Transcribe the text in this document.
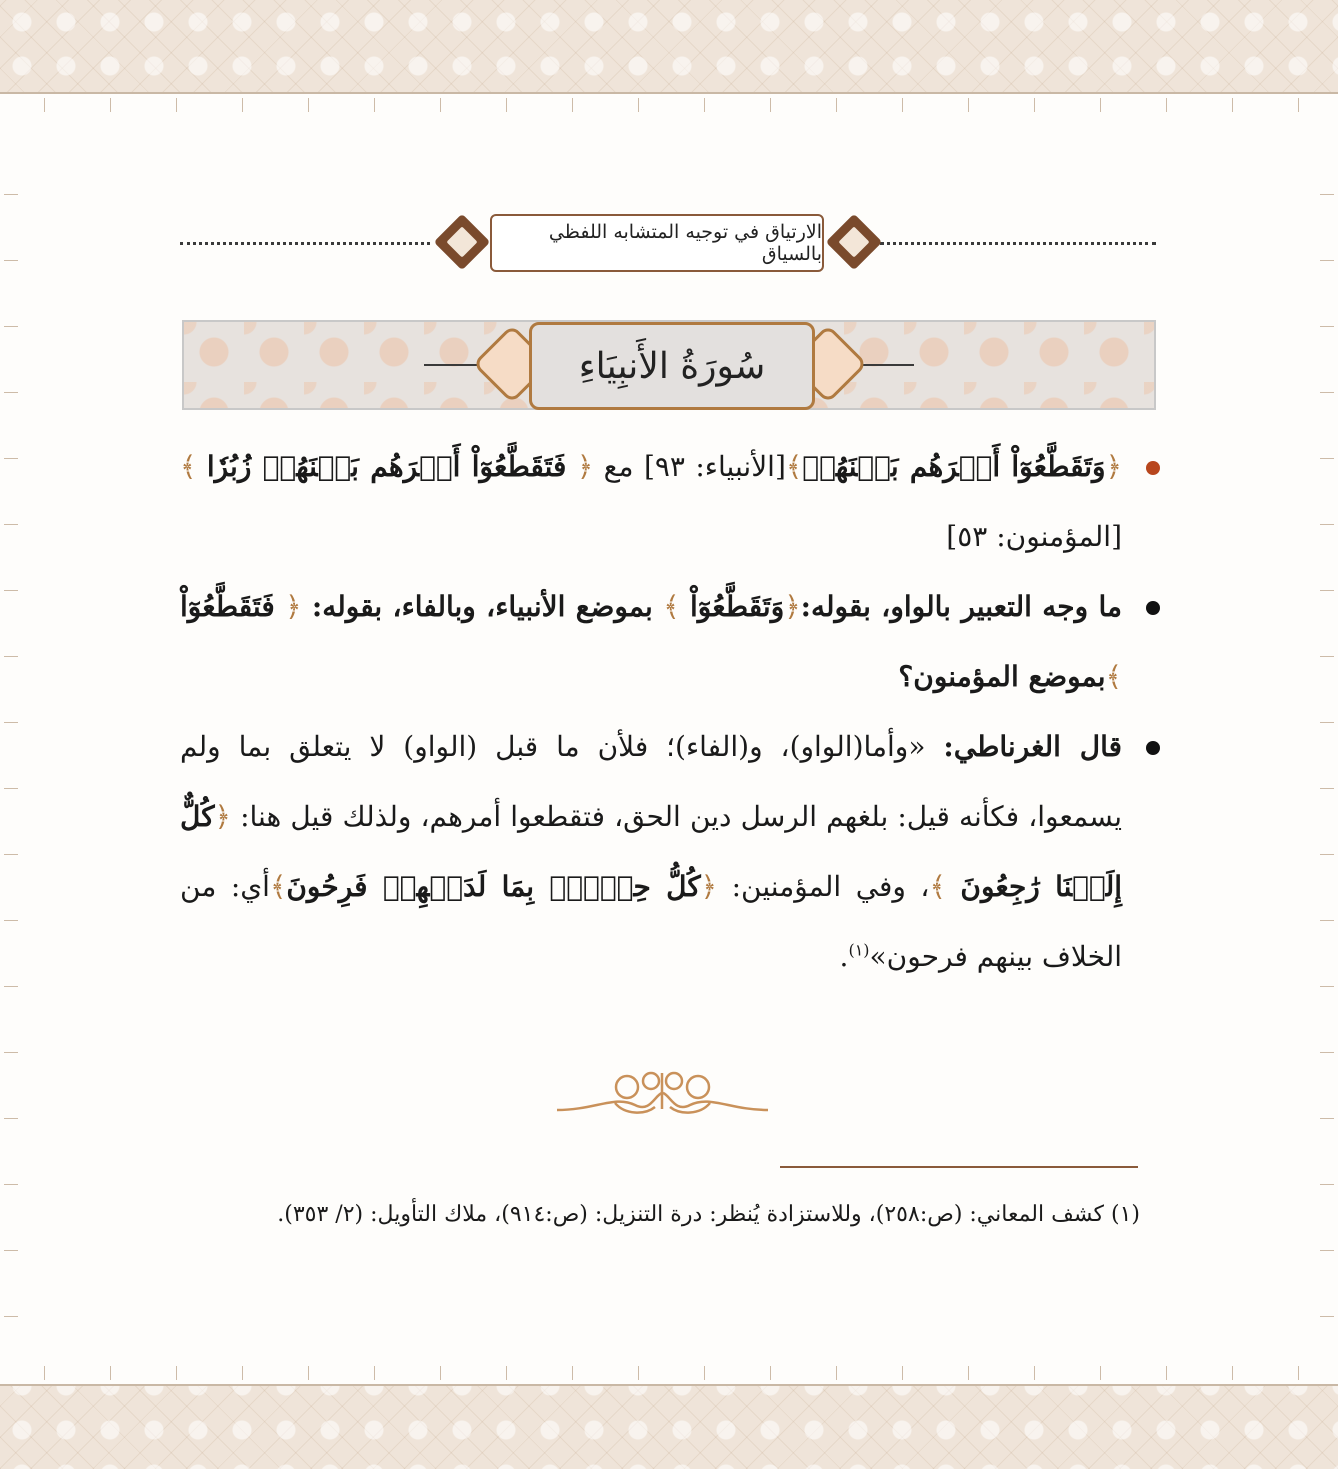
الارتياق في توجيه المتشابه اللفظي بالسياق
سُورَةُ الأَنبِيَاءِ
﴿وَتَقَطَّعُوٓاْ أَمۡرَهُم بَيۡنَهُمۡ﴾[الأنبياء: ٩٣] مع ﴿ فَتَقَطَّعُوٓاْ أَمۡرَهُم بَيۡنَهُمۡ زُبُرٗا ﴾[المؤمنون: ٥٣]
ما وجه التعبير بالواو، بقوله:﴿وَتَقَطَّعُوٓاْ ﴾ بموضع الأنبياء، وبالفاء، بقوله: ﴿ فَتَقَطَّعُوٓاْ ﴾بموضع المؤمنون؟
قال الغرناطي: «وأما(الواو)، و(الفاء)؛ فلأن ما قبل (الواو) لا يتعلق بما ولم يسمعوا، فكأنه قيل: بلغهم الرسل دين الحق، فتقطعوا أمرهم، ولذلك قيل هنا: ﴿كُلٌّ إِلَيۡنَا رَٰجِعُونَ ﴾، وفي المؤمنين: ﴿كُلُّ حِزۡبِۭ بِمَا لَدَيۡهِمۡ فَرِحُونَ﴾أي: من الخلاف بينهم فرحون»$^{(١)}$.
(١) كشف المعاني: (ص:٢٥٨)، وللاستزادة يُنظر: درة التنزيل: (ص:٩١٤)، ملاك التأويل: (٢/ ٣٥٣).
